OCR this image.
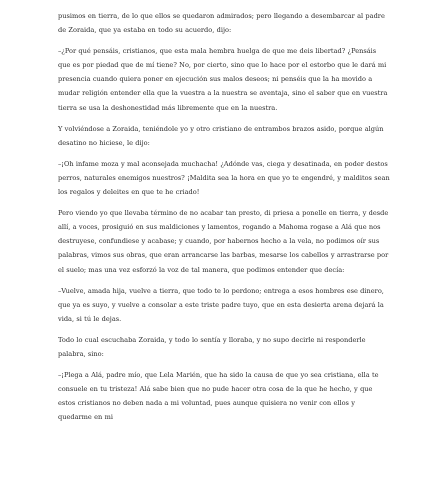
pusimos en tierra, de lo que ellos se quedaron admirados; pero llegando a desembarcar al padre de Zoraida, que ya estaba en todo su acuerdo, dijo:

–¿Por qué pensáis, cristianos, que esta mala hembra huelga de que me deis libertad? ¿Pensáis que es por piedad que de mí tiene? No, por cierto, sino que lo hace por el estorbo que le dará mi presencia cuando quiera poner en ejecución sus malos deseos; ni penséis que la ha movido a mudar religión entender ella que la vuestra a la nuestra se aventaja, sino el saber que en vuestra tierra se usa la deshonestidad más libremente que en la nuestra.

Y volviéndose a Zoraida, teniéndole yo y otro cristiano de entrambos brazos asido, porque algún desatino no hiciese, le dijo:

–¡Oh infame moza y mal aconsejada muchacha! ¿Adónde vas, ciega y desatinada, en poder destos perros, naturales enemigos nuestros? ¡Maldita sea la hora en que yo te engendré, y malditos sean los regalos y deleites en que te he criado!

Pero viendo yo que llevaba término de no acabar tan presto, di priesa a ponelle en tierra, y desde allí, a voces, prosiguió en sus maldiciones y lamentos, rogando a Mahoma rogase a Alá que nos destruyese, confundiese y acabase; y cuando, por habernos hecho a la vela, no podimos oír sus palabras, vimos sus obras, que eran arrancarse las barbas, mesarse los cabellos y arrastrarse por el suelo; mas una vez esforzó la voz de tal manera, que podimos entender que decía:

–Vuelve, amada hija, vuelve a tierra, que todo te lo perdono; entrega a esos hombres ese dinero, que ya es suyo, y vuelve a consolar a este triste padre tuyo, que en esta desierta arena dejará la vida, si tú le dejas.

Todo lo cual escuchaba Zoraida, y todo lo sentía y lloraba, y no supo decirle ni responderle palabra, sino:

–¡Plega a Alá, padre mío, que Lela Marién, que ha sido la causa de que yo sea cristiana, ella te consuele en tu tristeza! Alá sabe bien que no pude hacer otra cosa de la que he hecho, y que estos cristianos no deben nada a mi voluntad, pues aunque quisiera no venir con ellos y quedarme en mi
